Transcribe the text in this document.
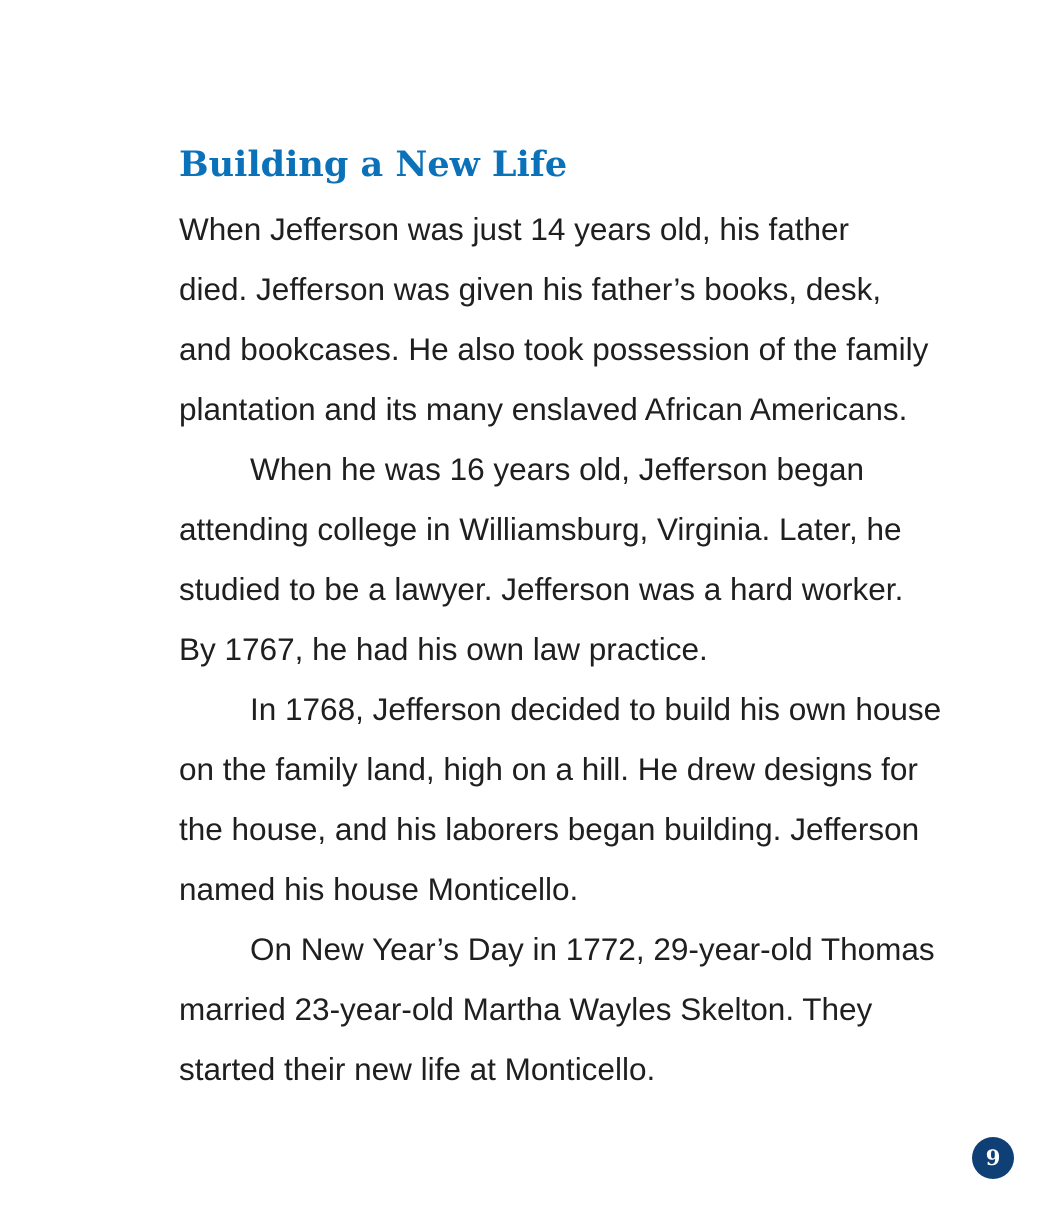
Building a New Life

When Jefferson was just 14 years old, his father

died. Jefferson was given his father’s books, desk,

and bookcases. He also took possession of the family

plantation and its many enslaved African Americans.

When he was 16 years old, Jefferson began

attending college in Williamsburg, Virginia. Later, he

studied to be a lawyer. Jefferson was a hard worker.

By 1767, he had his own law practice.

In 1768, Jefferson decided to build his own house

on the family land, high on a hill. He drew designs for

the house, and his laborers began building. Jefferson

named his house Monticello.

On New Year’s Day in 1772, 29-year-old Thomas

married 23-year-old Martha Wayles Skelton. They

started their new life at Monticello.

9
